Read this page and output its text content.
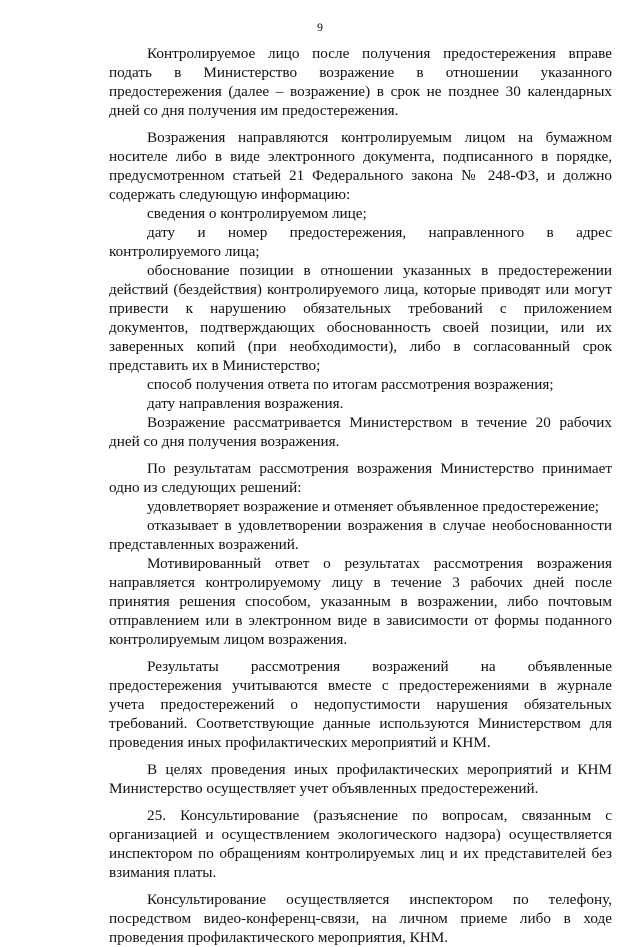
9

Контролируемое лицо после получения предостережения вправе подать в Министерство возражение в отношении указанного предостережения (далее – возражение) в срок не позднее 30 календарных дней со дня получения им предостережения.

Возражения направляются контролируемым лицом на бумажном носителе либо в виде электронного документа, подписанного в порядке, предусмотренном статьей 21 Федерального закона № 248-ФЗ, и должно содержать следующую информацию:

сведения о контролируемом лице;

дату и номер предостережения, направленного в адрес контролируемого лица;

обоснование позиции в отношении указанных в предостережении действий (бездействия) контролируемого лица, которые приводят или могут привести к нарушению обязательных требований с приложением документов, подтверждающих обоснованность своей позиции, или их заверенных копий (при необходимости), либо в согласованный срок представить их в Министерство;

способ получения ответа по итогам рассмотрения возражения;

дату направления возражения.

Возражение рассматривается Министерством в течение 20 рабочих дней со дня получения возражения.

По результатам рассмотрения возражения Министерство принимает одно из следующих решений:

удовлетворяет возражение и отменяет объявленное предостережение;

отказывает в удовлетворении возражения в случае необоснованности представленных возражений.

Мотивированный ответ о результатах рассмотрения возражения направляется контролируемому лицу в течение 3 рабочих дней после принятия решения способом, указанным в возражении, либо почтовым отправлением или в электронном виде в зависимости от формы поданного контролируемым лицом возражения.

Результаты рассмотрения возражений на объявленные предостережения учитываются вместе с предостережениями в журнале учета предостережений о недопустимости нарушения обязательных требований. Соответствующие данные используются Министерством для проведения иных профилактических мероприятий и КНМ.

В целях проведения иных профилактических мероприятий и КНМ Министерство осуществляет учет объявленных предостережений.

25. Консультирование (разъяснение по вопросам, связанным с организацией и осуществлением экологического надзора) осуществляется инспектором по обращениям контролируемых лиц и их представителей без взимания платы.

Консультирование осуществляется инспектором по телефону, посредством видео-конференц-связи, на личном приеме либо в ходе проведения профилактического мероприятия, КНМ.
